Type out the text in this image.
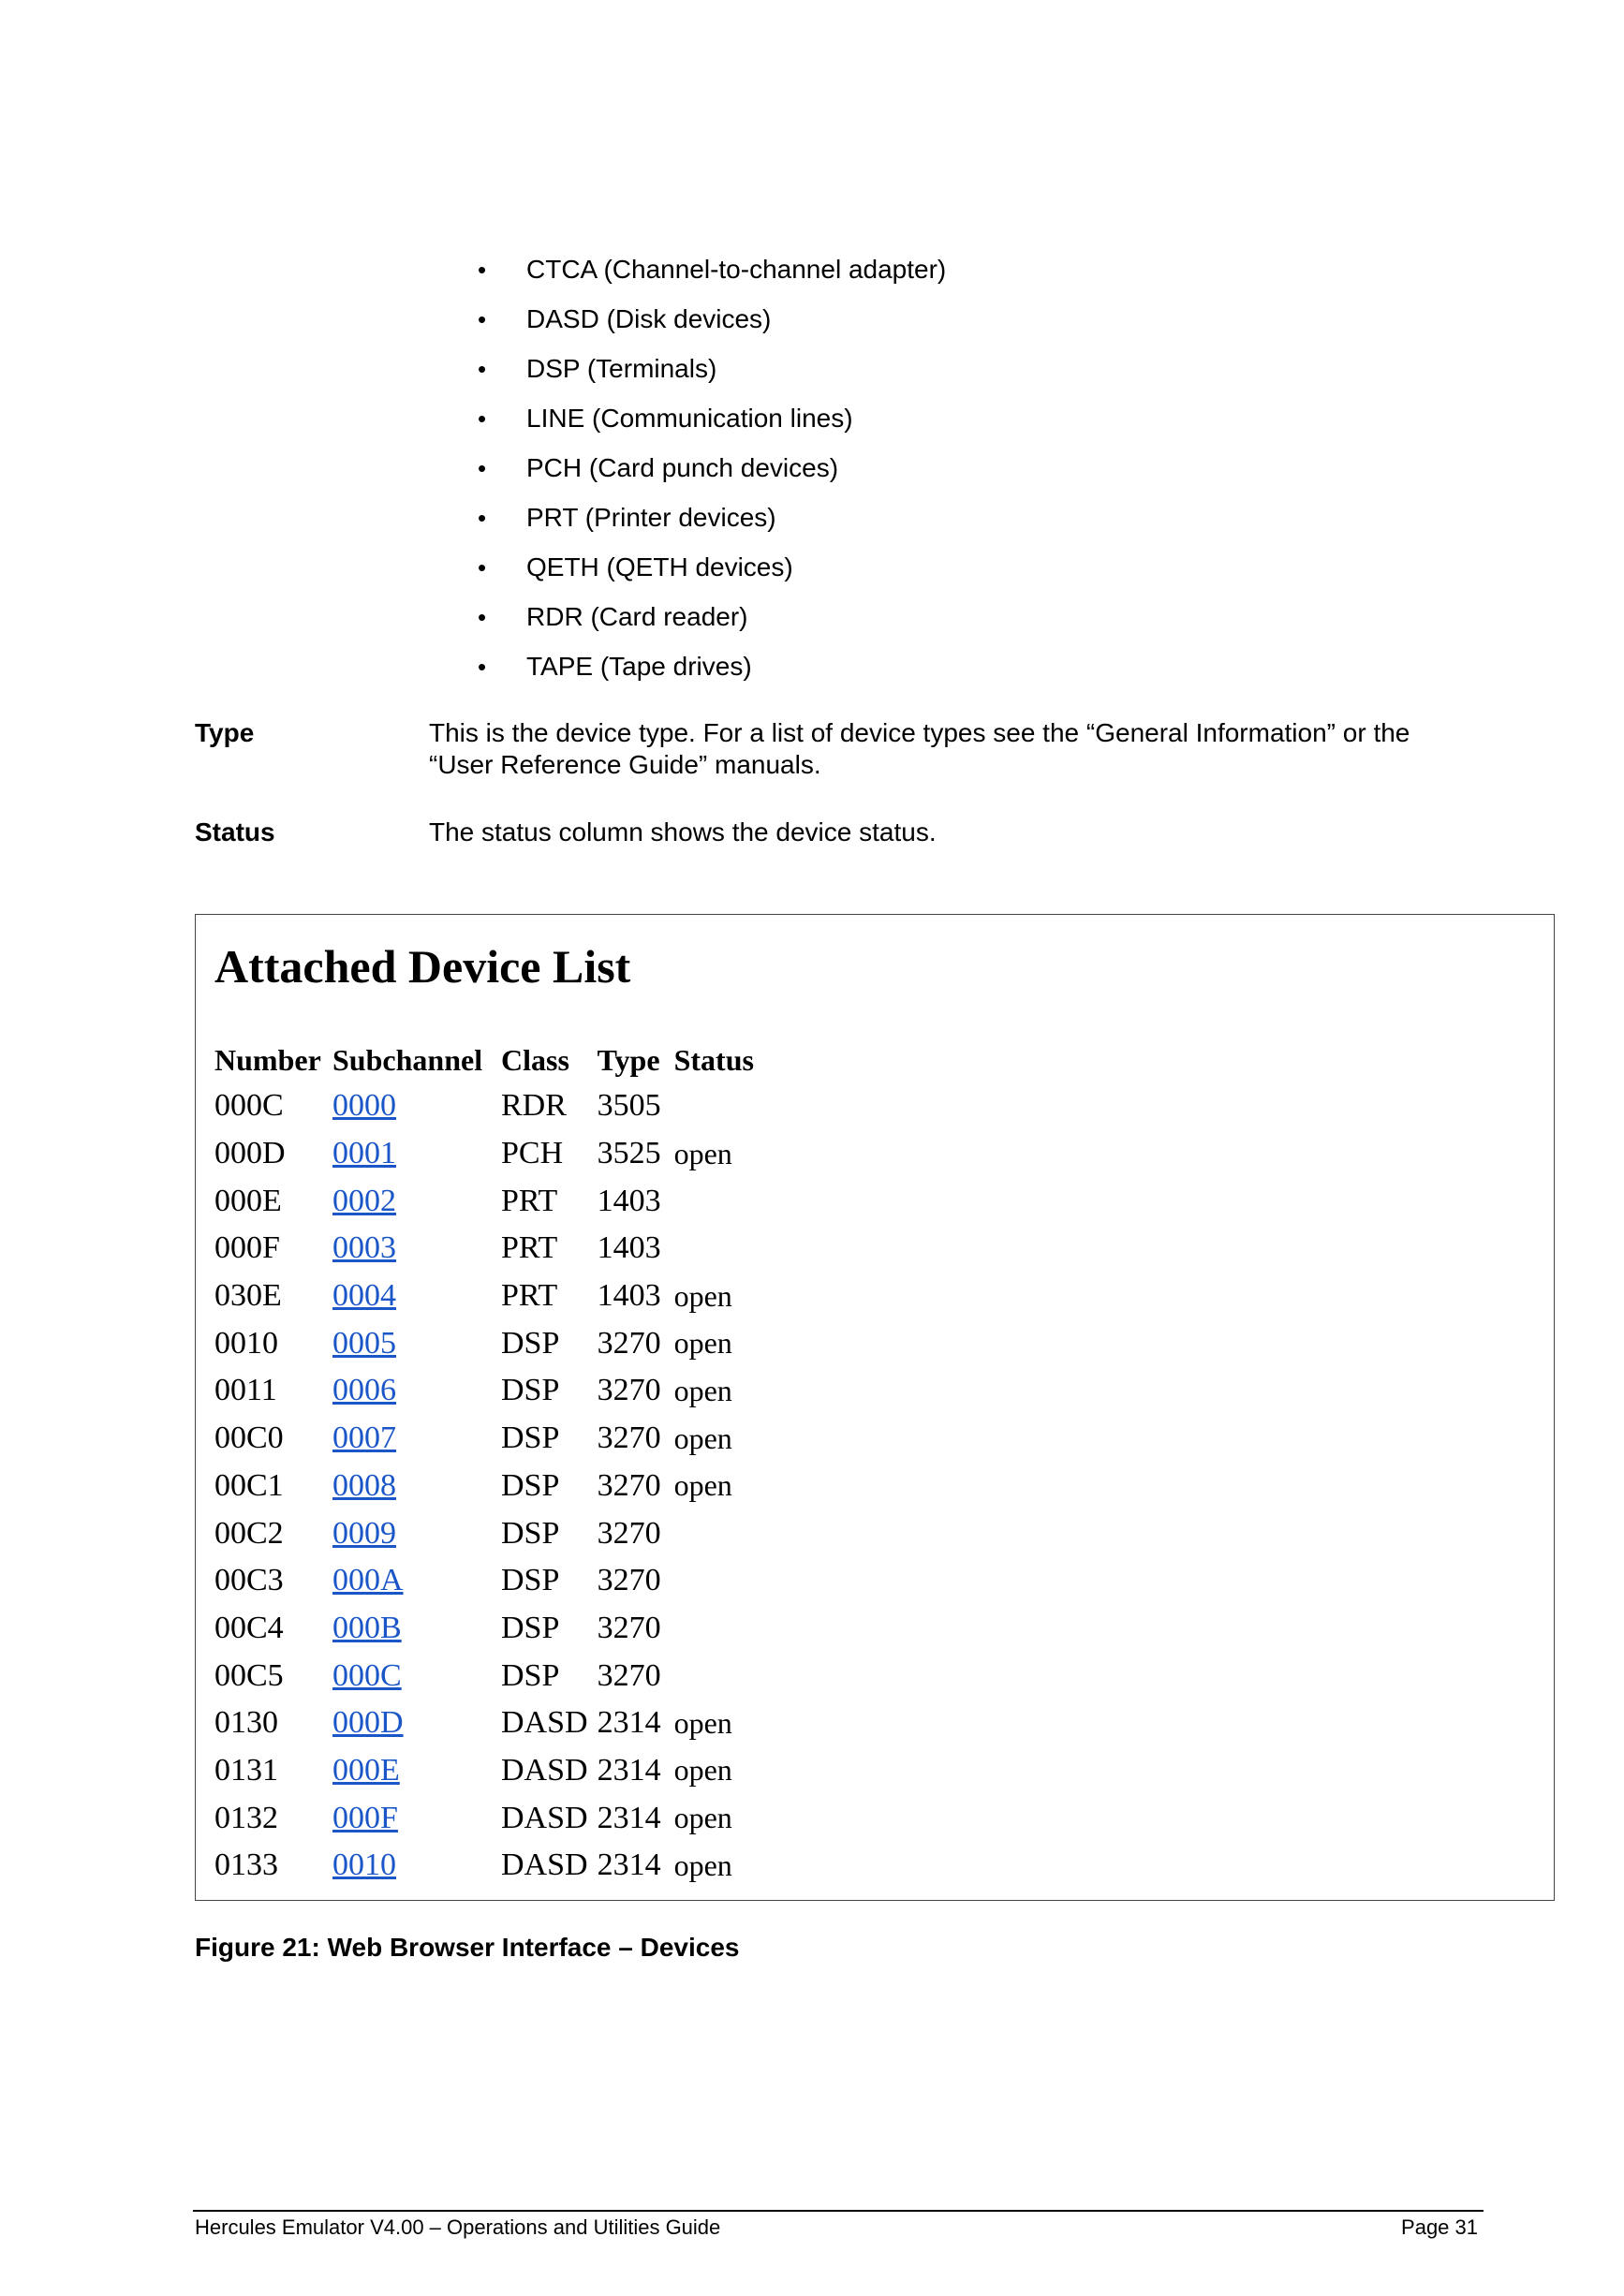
• CTCA (Channel-to-channel adapter)
• DASD (Disk devices)
• DSP (Terminals)
• LINE (Communication lines)
• PCH (Card punch devices)
• PRT (Printer devices)
• QETH (QETH devices)
• RDR (Card reader)
• TAPE (Tape drives)
Type	This is the device type. For a list of device types see the “General Information” or the “User Reference Guide” manuals.
Status	The status column shows the device status.
Attached Device List
Number	Subchannel	Class	Type	Status
000C	0000	RDR	3505	
000D	0001	PCH	3525	open
000E	0002	PRT	1403	
000F	0003	PRT	1403	
030E	0004	PRT	1403	open
0010	0005	DSP	3270	open
0011	0006	DSP	3270	open
00C0	0007	DSP	3270	open
00C1	0008	DSP	3270	open
00C2	0009	DSP	3270	
00C3	000A	DSP	3270	
00C4	000B	DSP	3270	
00C5	000C	DSP	3270	
0130	000D	DASD	2314	open
0131	000E	DASD	2314	open
0132	000F	DASD	2314	open
0133	0010	DASD	2314	open
Figure 21: Web Browser Interface – Devices
Hercules Emulator V4.00 – Operations and Utilities Guide	Page 31
